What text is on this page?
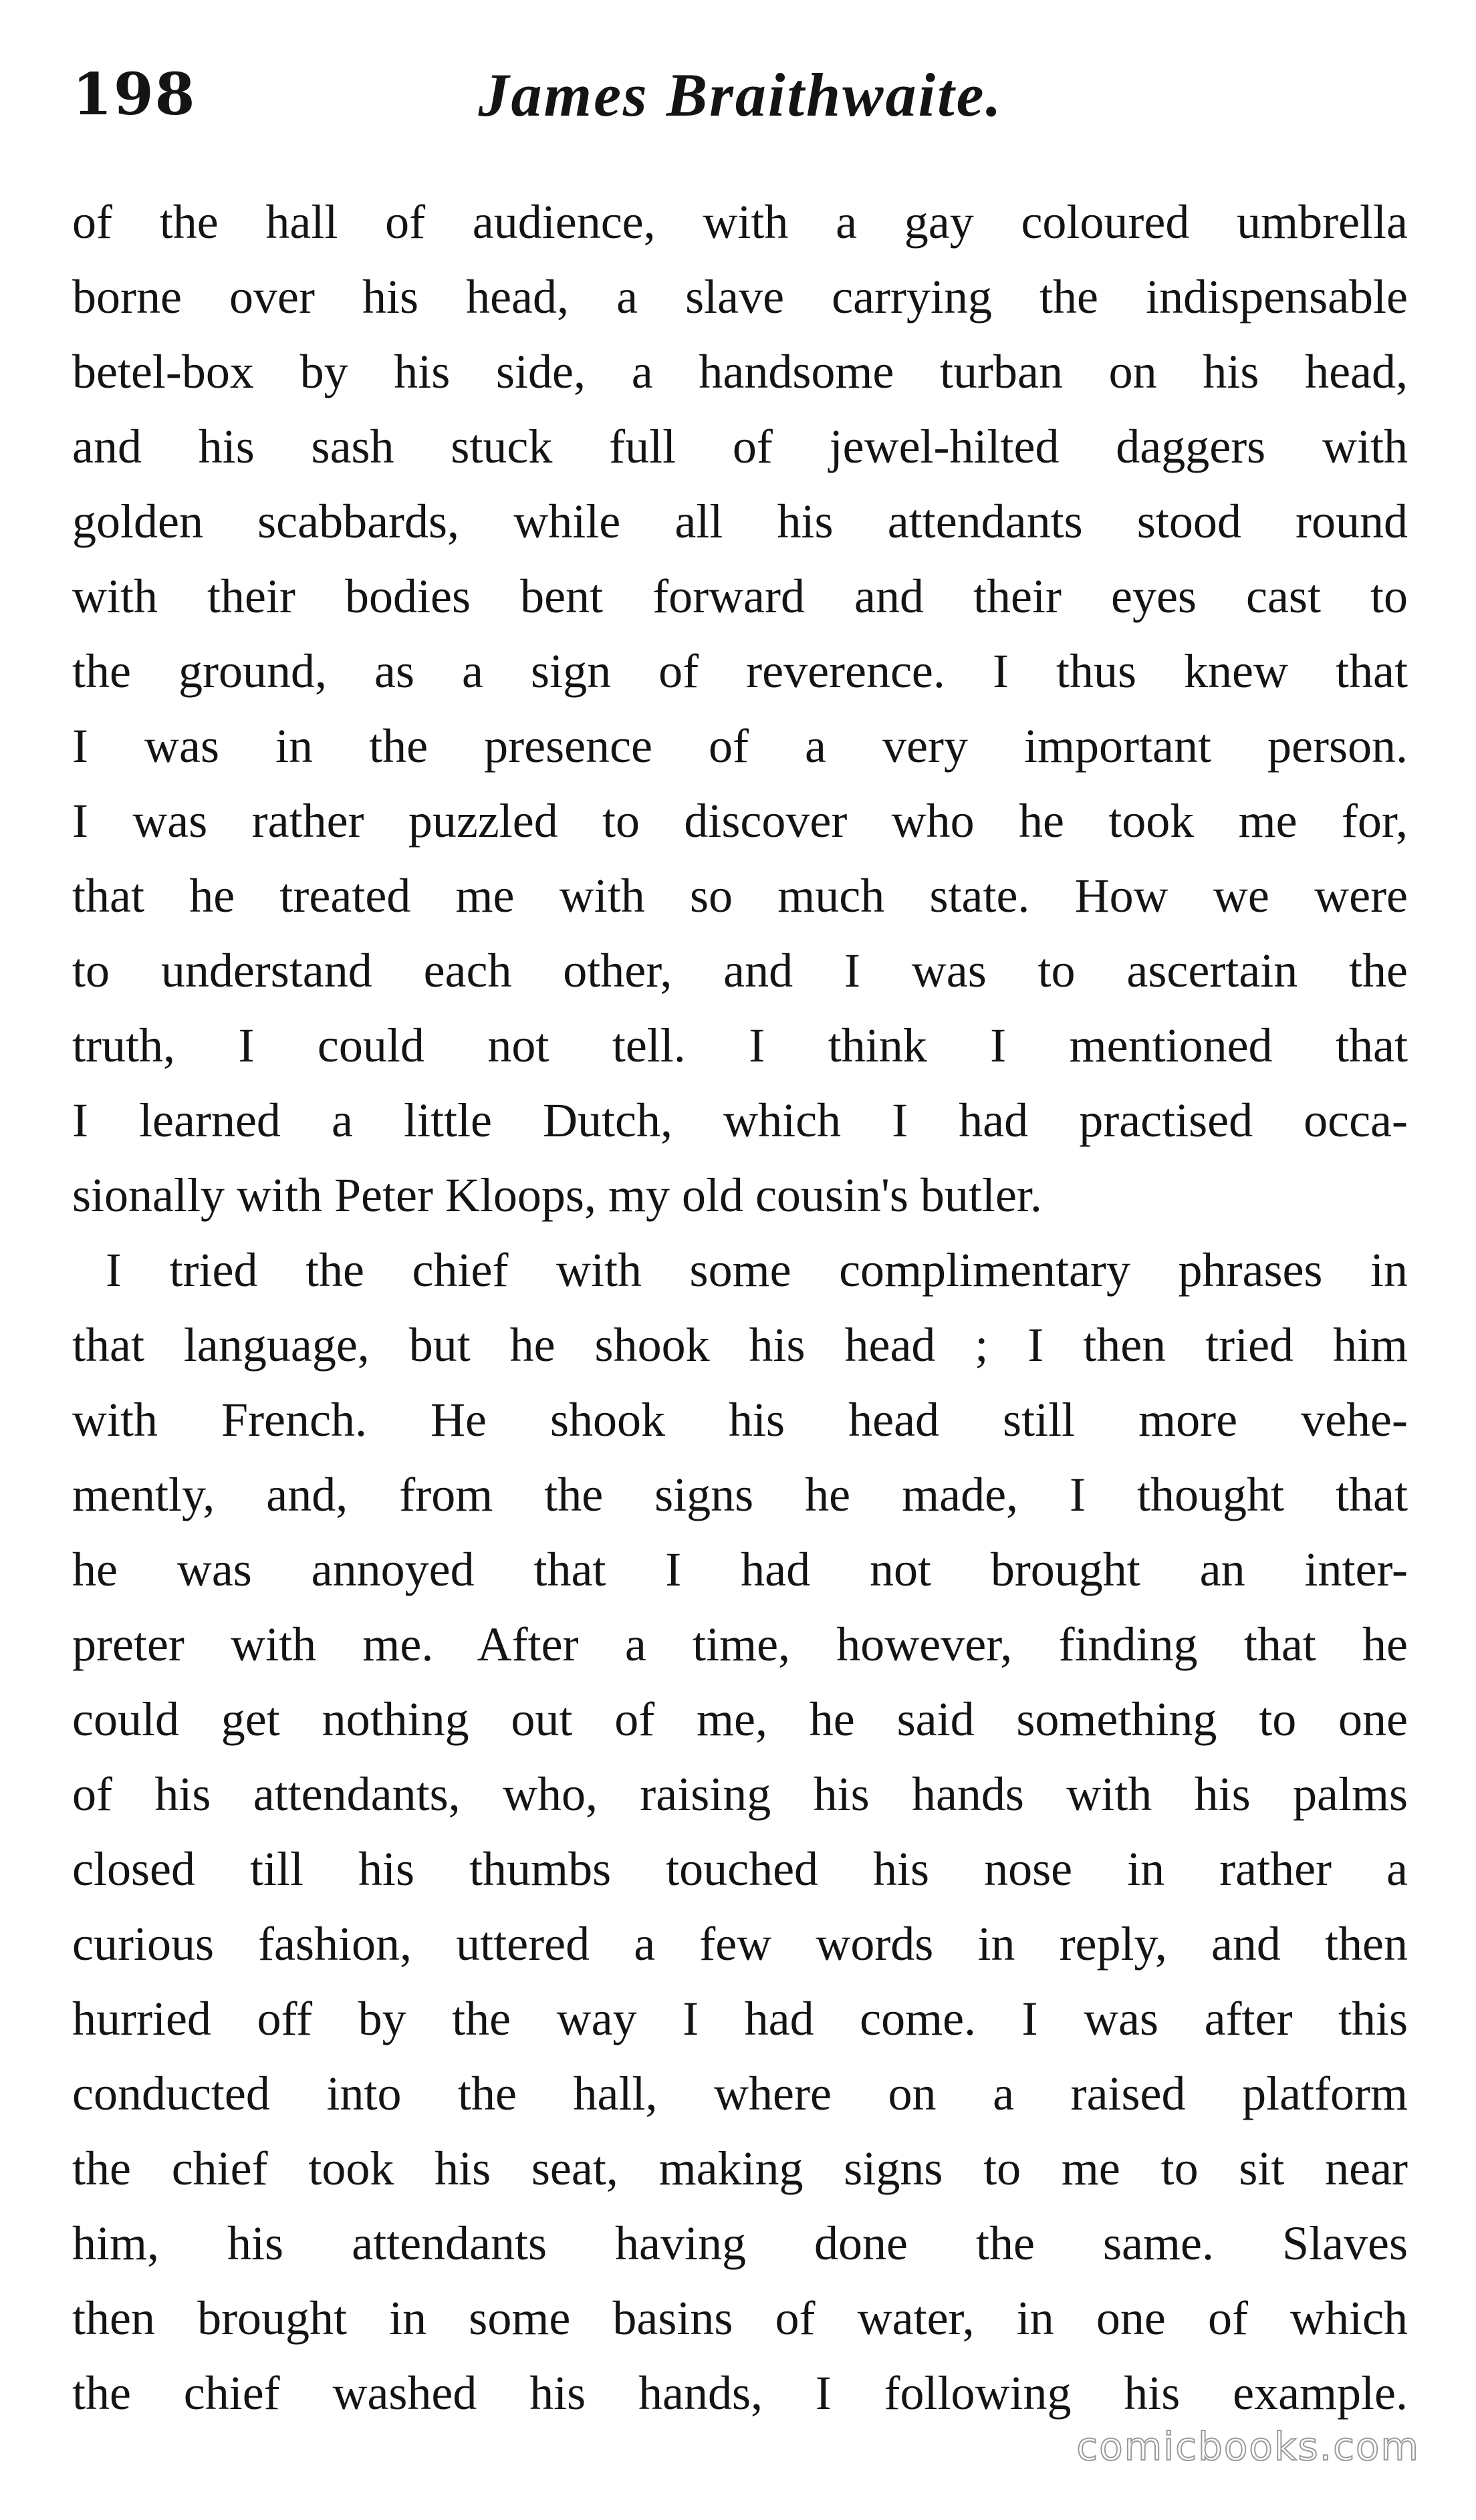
198	James Braithwaite.
of the hall of audience, with a gay coloured umbrella
borne over his head, a slave carrying the indispensable
betel-box by his side, a handsome turban on his head,
and his sash stuck full of jewel-hilted daggers with
golden scabbards, while all his attendants stood round
with their bodies bent forward and their eyes cast to
the ground, as a sign of reverence. I thus knew that
I was in the presence of a very important person.
I was rather puzzled to discover who he took me for,
that he treated me with so much state. How we were
to understand each other, and I was to ascertain the
truth, I could not tell. I think I mentioned that
I learned a little Dutch, which I had practised occa-
sionally with Peter Kloops, my old cousin's butler.
I tried the chief with some complimentary phrases in
that language, but he shook his head ; I then tried him
with French. He shook his head still more vehe-
mently, and, from the signs he made, I thought that
he was annoyed that I had not brought an inter-
preter with me. After a time, however, finding that he
could get nothing out of me, he said something to one
of his attendants, who, raising his hands with his palms
closed till his thumbs touched his nose in rather a
curious fashion, uttered a few words in reply, and then
hurried off by the way I had come. I was after this
conducted into the hall, where on a raised platform
the chief took his seat, making signs to me to sit near
him, his attendants having done the same. Slaves
then brought in some basins of water, in one of which
the chief washed his hands, I following his example.
comicbooks.com
